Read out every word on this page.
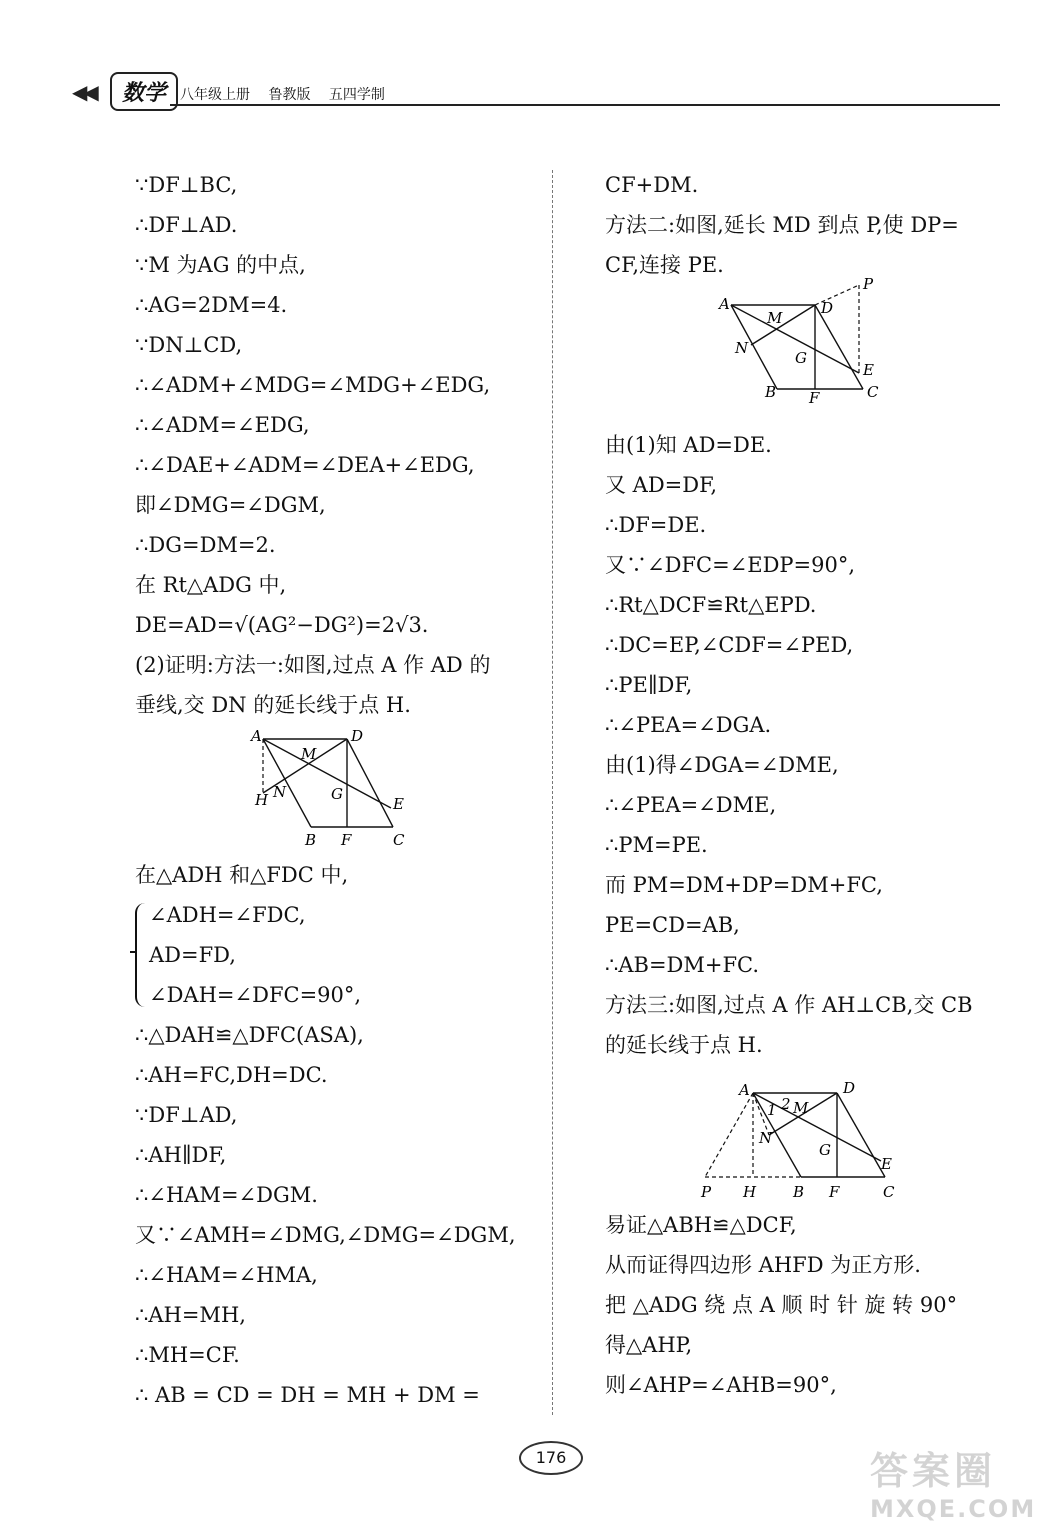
◀◀	数学 八年级上册 鲁教版 五四学制
∵DF⊥BC,
∴DF⊥AD.
∵M 为AG 的中点,
∴AG=2DM=4.
∵DN⊥CD,
∴∠ADM+∠MDG=∠MDG+∠EDG,
∴∠ADM=∠EDG,
∴∠DAE+∠ADM=∠DEA+∠EDG,
即∠DMG=∠DGM,
∴DG=DM=2.
在 Rt△ADG 中,
DE=AD=√(AG²−DG²)=2√3.
(2)证明:方法一:如图,过点 A 作 AD 的
垂线,交 DN 的延长线于点 H.
A	D
M
H N	G
E
B F	C
在△ADH 和△FDC 中,
∠ADH=∠FDC,
AD=FD,
∠DAH=∠DFC=90°,
∴△DAH≌△DFC(ASA),
∴AH=FC,DH=DC.
∵DF⊥AD,
∴AH∥DF,
∴∠HAM=∠DGM.
又∵∠AMH=∠DMG,∠DMG=∠DGM,
∴∠HAM=∠HMA,
∴AH=MH,
∴MH=CF.
∴ AB = CD = DH = MH + DM =
CF+DM.
方法二:如图,延长 MD 到点 P,使 DP=
CF,连接 PE.
A
M
D
P
N
G
E
B F	C
由(1)知 AD=DE.
又 AD=DF,
∴DF=DE.
又∵∠DFC=∠EDP=90°,
∴Rt△DCF≌Rt△EPD.
∴DC=EP,∠CDF=∠PED,
∴PE∥DF,
∴∠PEA=∠DGA.
由(1)得∠DGA=∠DME,
∴∠PEA=∠DME,
∴PM=PE.
而 PM=DM+DP=DM+FC,
PE=CD=AB,
∴AB=DM+FC.
方法三:如图,过点 A 作 AH⊥CB,交 CB
的延长线于点 H.
A
1 2 M
D
N
G
E
P H B F	C
易证△ABH≌△DCF,
从而证得四边形 AHFD 为正方形.
把 △ADG 绕 点 A 顺 时 针 旋 转 90°
得△AHP,
则∠AHP=∠AHB=90°,
176	答案圈
MXQE.COM
